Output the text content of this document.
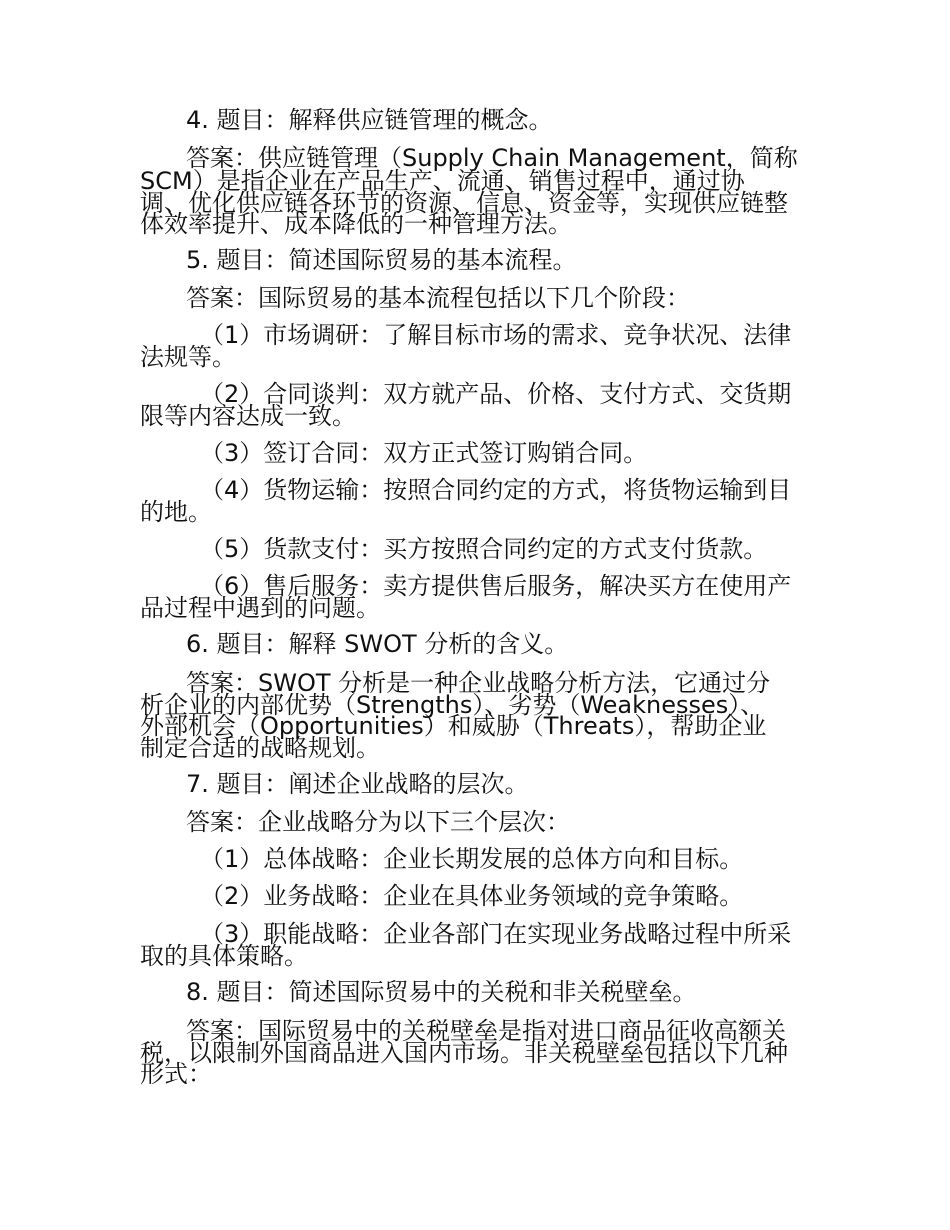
4. 题目：解释供应链管理的概念。
答案：供应链管理（Supply Chain Management，简称
SCM）是指企业在产品生产、流通、销售过程中，通过协
调、优化供应链各环节的资源、信息、资金等，实现供应链整
体效率提升、成本降低的一种管理方法。
5. 题目：简述国际贸易的基本流程。
答案：国际贸易的基本流程包括以下几个阶段：
（1）市场调研：了解目标市场的需求、竞争状况、法律
法规等。
（2）合同谈判：双方就产品、价格、支付方式、交货期
限等内容达成一致。
（3）签订合同：双方正式签订购销合同。
（4）货物运输：按照合同约定的方式，将货物运输到目
的地。
（5）货款支付：买方按照合同约定的方式支付货款。
（6）售后服务：卖方提供售后服务，解决买方在使用产
品过程中遇到的问题。
6. 题目：解释 SWOT 分析的含义。
答案：SWOT 分析是一种企业战略分析方法，它通过分
析企业的内部优势（Strengths）、劣势（Weaknesses）、
外部机会（Opportunities）和威胁（Threats），帮助企业
制定合适的战略规划。
7. 题目：阐述企业战略的层次。
答案：企业战略分为以下三个层次：
（1）总体战略：企业长期发展的总体方向和目标。
（2）业务战略：企业在具体业务领域的竞争策略。
（3）职能战略：企业各部门在实现业务战略过程中所采
取的具体策略。
8. 题目：简述国际贸易中的关税和非关税壁垒。
答案：国际贸易中的关税壁垒是指对进口商品征收高额关
税，以限制外国商品进入国内市场。非关税壁垒包括以下几种
形式：
